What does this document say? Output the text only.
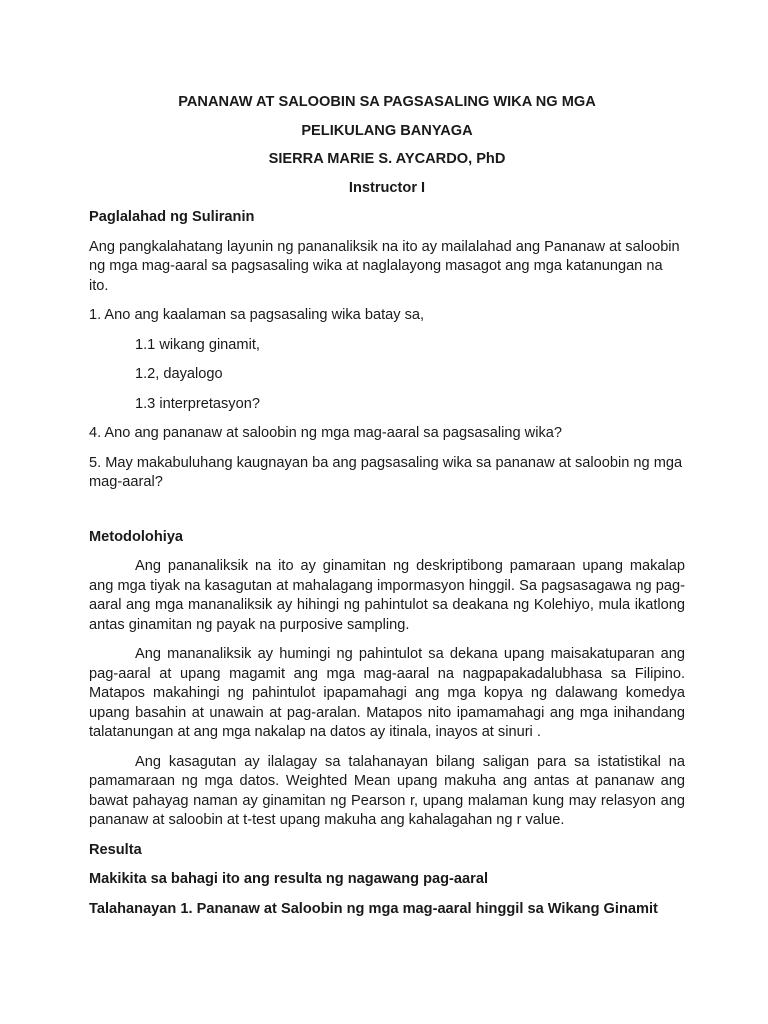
PANANAW AT SALOOBIN SA PAGSASALING WIKA NG MGA

PELIKULANG BANYAGA

SIERRA MARIE S. AYCARDO, PhD

Instructor I

Paglalahad ng Suliranin

Ang pangkalahatang layunin ng pananaliksik na ito ay mailalahad ang Pananaw at saloobin ng mga mag-aaral sa pagsasaling wika at naglalayong masagot ang mga katanungan na ito.

1. Ano ang kaalaman sa pagsasaling wika batay sa,

1.1 wikang ginamit,

1.2, dayalogo

1.3 interpretasyon?

4. Ano ang pananaw at saloobin ng mga mag-aaral sa pagsasaling wika?

5. May makabuluhang kaugnayan ba ang pagsasaling wika sa pananaw at saloobin ng mga mag-aaral?

Metodolohiya

Ang pananaliksik na ito ay ginamitan ng deskriptibong pamaraan upang makalap ang mga tiyak na kasagutan at mahalagang impormasyon hinggil. Sa pagsasagawa ng pag-aaral ang mga mananaliksik ay hihingi ng pahintulot sa deakana ng Kolehiyo, mula ikatlong antas ginamitan ng payak na purposive sampling.

Ang mananaliksik ay humingi ng pahintulot sa dekana upang maisakatuparan ang pag-aaral at upang magamit ang mga mag-aaral na nagpapakadalubhasa sa Filipino. Matapos makahingi ng pahintulot ipapamahagi ang mga kopya ng dalawang komedya upang basahin at unawain at pag-aralan. Matapos nito ipamamahagi ang mga inihandang talatanungan at ang mga nakalap na datos ay itinala, inayos at sinuri .

Ang kasagutan ay ilalagay sa talahanayan bilang saligan para sa istatistikal na pamamaraan ng mga datos. Weighted Mean upang makuha ang antas at pananaw ang bawat pahayag naman ay ginamitan ng Pearson r, upang malaman kung may relasyon ang pananaw at saloobin at t-test upang makuha ang kahalagahan ng r value.

Resulta

Makikita sa bahagi ito ang resulta ng nagawang pag-aaral

Talahanayan 1. Pananaw at Saloobin ng mga mag-aaral hinggil sa Wikang Ginamit
